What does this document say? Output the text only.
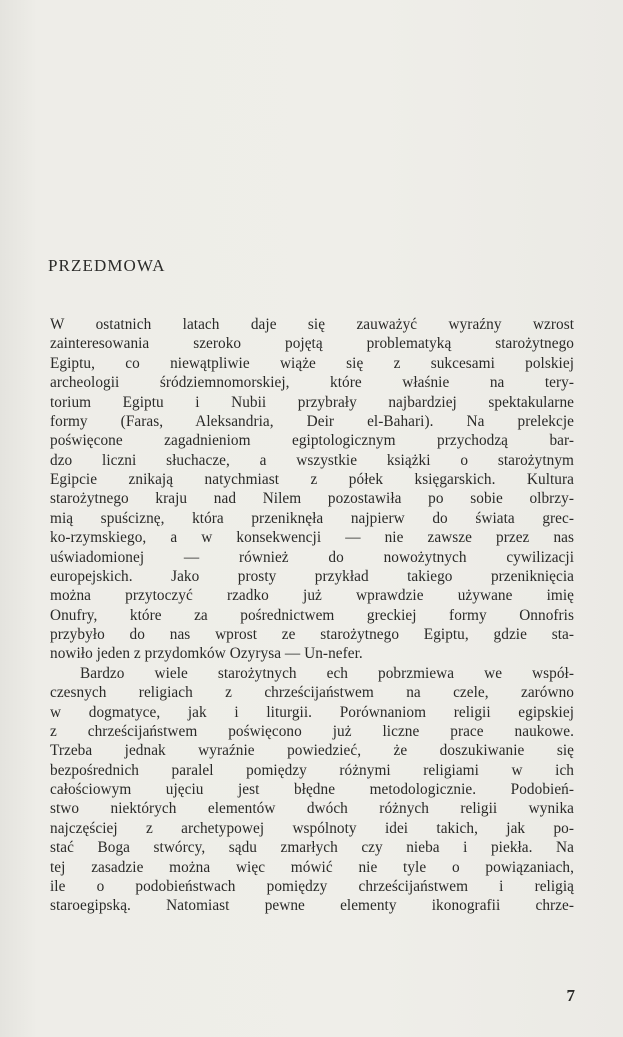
PRZEDMOWA
W ostatnich latach daje się zauważyć wyraźny wzrost
zainteresowania szeroko pojętą problematyką starożytnego
Egiptu, co niewątpliwie wiąże się z sukcesami polskiej
archeologii śródziemnomorskiej, które właśnie na tery-
torium Egiptu i Nubii przybrały najbardziej spektakularne
formy (Faras, Aleksandria, Deir el-Bahari). Na prelekcje
poświęcone zagadnieniom egiptologicznym przychodzą bar-
dzo liczni słuchacze, a wszystkie książki o starożytnym
Egipcie znikają natychmiast z półek księgarskich. Kultura
starożytnego kraju nad Nilem pozostawiła po sobie olbrzy-
mią spuściznę, która przeniknęła najpierw do świata grec-
ko-rzymskiego, a w konsekwencji — nie zawsze przez nas
uświadomionej — również do nowożytnych cywilizacji
europejskich. Jako prosty przykład takiego przeniknięcia
można przytoczyć rzadko już wprawdzie używane imię
Onufry, które za pośrednictwem greckiej formy Onnofris
przybyło do nas wprost ze starożytnego Egiptu, gdzie sta-
nowiło jeden z przydomków Ozyrysa — Un-nefer.
Bardzo wiele starożytnych ech pobrzmiewa we współ-
czesnych religiach z chrześcijaństwem na czele, zarówno
w dogmatyce, jak i liturgii. Porównaniom religii egipskiej
z chrześcijaństwem poświęcono już liczne prace naukowe.
Trzeba jednak wyraźnie powiedzieć, że doszukiwanie się
bezpośrednich paralel pomiędzy różnymi religiami w ich
całościowym ujęciu jest błędne metodologicznie. Podobień-
stwo niektórych elementów dwóch różnych religii wynika
najczęściej z archetypowej wspólnoty idei takich, jak po-
stać Boga stwórcy, sądu zmarłych czy nieba i piekła. Na
tej zasadzie można więc mówić nie tyle o powiązaniach,
ile o podobieństwach pomiędzy chrześcijaństwem i religią
staroegipską. Natomiast pewne elementy ikonografii chrze-
7
